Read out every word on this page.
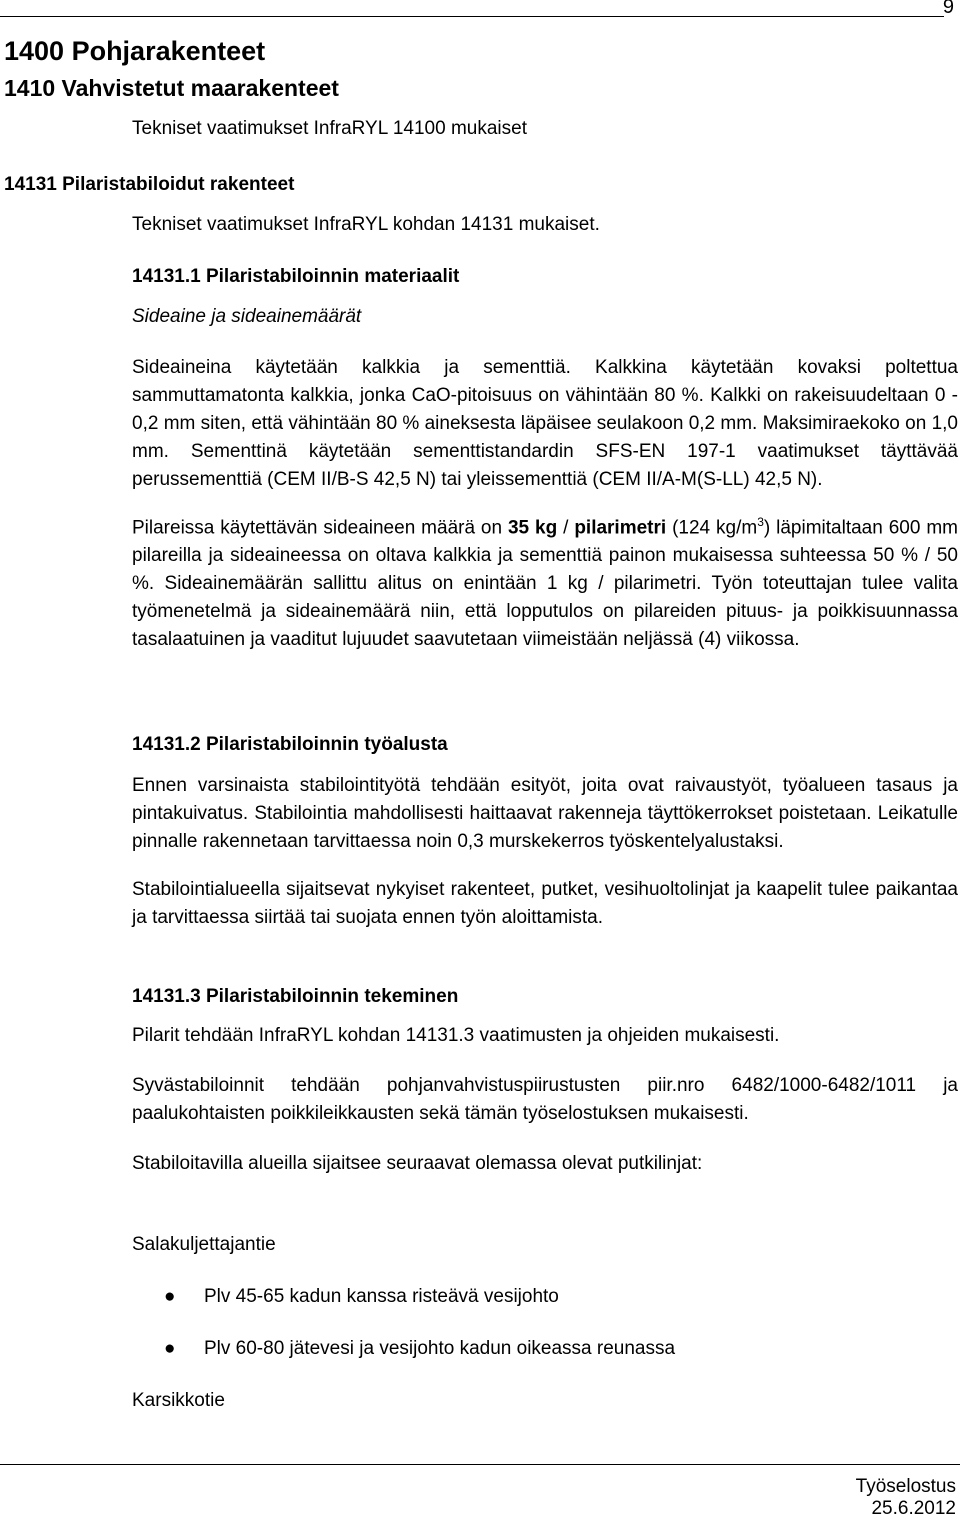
9
1400 Pohjarakenteet
1410 Vahvistetut maarakenteet
Tekniset vaatimukset InfraRYL 14100 mukaiset
14131 Pilaristabiloidut rakenteet
Tekniset vaatimukset InfraRYL kohdan 14131 mukaiset.
14131.1 Pilaristabiloinnin materiaalit
Sideaine ja sideainemäärät

Sideaineina käytetään kalkkia ja sementtiä. Kalkkina käytetään kovaksi poltettua sammuttamatonta kalkkia, jonka CaO-pitoisuus on vähintään 80 %. Kalkki on rakeisuudeltaan 0 - 0,2 mm siten, että vähintään 80 % aineksesta läpäisee seulakoon 0,2 mm. Maksimiraekoko on 1,0 mm. Sementtinä käytetään sementtistandardin SFS-EN 197-1 vaatimukset täyttävää perussementtiä (CEM II/B-S 42,5 N) tai yleissementtiä (CEM II/A-M(S-LL) 42,5 N).

Pilareissa käytettävän sideaineen määrä on 35 kg / pilarimetri (124 $kg/m^3$) läpimitaltaan 600 mm pilareilla ja sideaineessa on oltava kalkkia ja sementtiä painon mukaisessa suhteessa 50 % / 50 %. Sideainemäärän sallittu alitus on enintään 1 kg / pilarimetri. Työn toteuttajan tulee valita työmenetelmä ja sideainemäärä niin, että lopputulos on pilareiden pituus- ja poikkisuunnassa tasalaatuinen ja vaaditut lujuudet saavutetaan viimeistään neljässä (4) viikossa.

14131.2 Pilaristabiloinnin työalusta

Ennen varsinaista stabilointityötä tehdään esityöt, joita ovat raivaustyöt, työalueen tasaus ja pintakuivatus. Stabilointia mahdollisesti haittaavat rakenneja täyttökerrokset poistetaan. Leikatulle pinnalle rakennetaan tarvittaessa noin 0,3 murskekerros työskentelyalustaksi.

Stabilointialueella sijaitsevat nykyiset rakenteet, putket, vesihuoltolinjat ja kaapelit tulee paikantaa ja tarvittaessa siirtää tai suojata ennen työn aloittamista.

14131.3 Pilaristabiloinnin tekeminen

Pilarit tehdään InfraRYL kohdan 14131.3 vaatimusten ja ohjeiden mukaisesti.

Syvästabiloinnit tehdään pohjanvahvistuspiirustusten piir.nro 6482/1000-6482/1011 ja paalukohtaisten poikkileikkausten sekä tämän työselostuksen mukaisesti.

Stabiloitavilla alueilla sijaitsee seuraavat olemassa olevat putkilinjat:

Salakuljettajantie
● Plv 45-65 kadun kanssa risteävä vesijohto
● Plv 60-80 jätevesi ja vesijohto kadun oikeassa reunassa
Karsikkotie
Työselostus
25.6.2012
